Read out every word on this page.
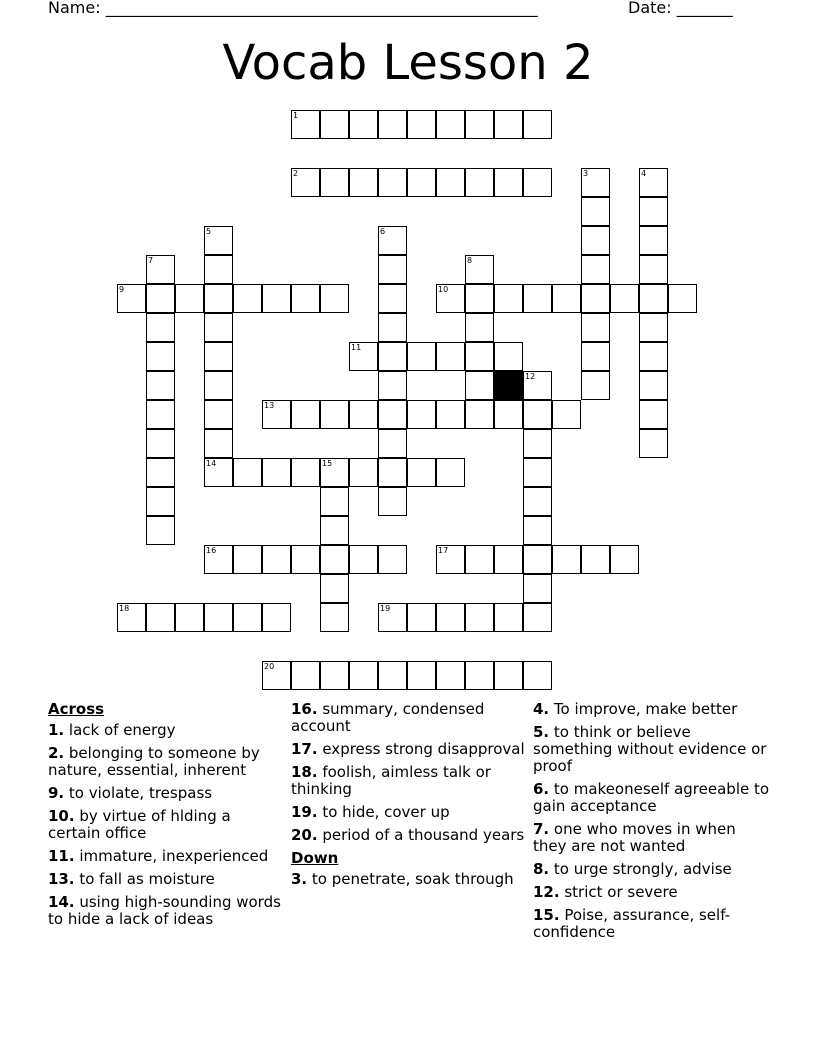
Name: ______________________________________________________	Date: _______
Vocab Lesson 2
1
2	3	4
5	6
7	8
9	10
11
12
13
14	15
16	17
18	19
20
Across
1. lack of energy
2. belonging to someone by nature, essential, inherent
9. to violate, trespass
10. by virtue of hlding a certain office
11. immature, inexperienced
13. to fall as moisture
14. using high-sounding words to hide a lack of ideas
16. summary, condensed account
17. express strong disapproval
18. foolish, aimless talk or thinking
19. to hide, cover up
20. period of a thousand years
Down
3. to penetrate, soak through
4. To improve, make better
5. to think or believe something without evidence or proof
6. to makeoneself agreeable to gain acceptance
7. one who moves in when they are not wanted
8. to urge strongly, advise
12. strict or severe
15. Poise, assurance, self-confidence
